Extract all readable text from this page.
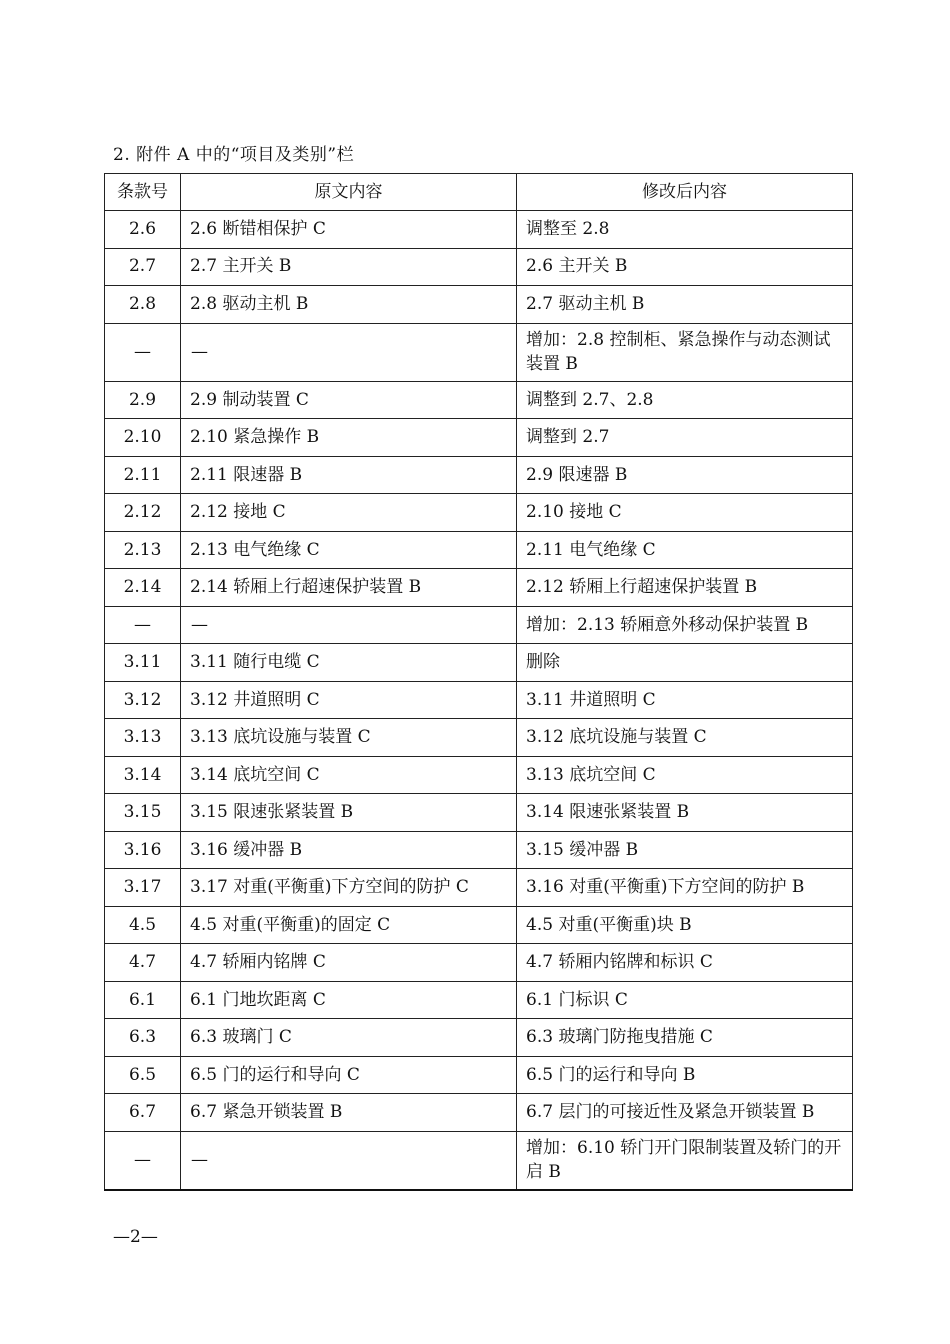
2. 附件 A 中的“项目及类别”栏
条款号	原文内容	修改后内容
2.6	2.6 断错相保护 C	调整至 2.8
2.7	2.7 主开关 B	2.6 主开关 B
2.8	2.8 驱动主机 B	2.7 驱动主机 B
—	—	增加：2.8 控制柜、紧急操作与动态测试装置 B
2.9	2.9 制动装置 C	调整到 2.7、2.8
2.10	2.10 紧急操作 B	调整到 2.7
2.11	2.11 限速器 B	2.9 限速器 B
2.12	2.12 接地 C	2.10 接地 C
2.13	2.13 电气绝缘 C	2.11 电气绝缘 C
2.14	2.14 轿厢上行超速保护装置 B	2.12 轿厢上行超速保护装置 B
—	—	增加：2.13 轿厢意外移动保护装置 B
3.11	3.11 随行电缆 C	删除
3.12	3.12 井道照明 C	3.11 井道照明 C
3.13	3.13 底坑设施与装置 C	3.12 底坑设施与装置 C
3.14	3.14 底坑空间 C	3.13 底坑空间 C
3.15	3.15 限速张紧装置 B	3.14 限速张紧装置 B
3.16	3.16 缓冲器 B	3.15 缓冲器 B
3.17	3.17 对重(平衡重)下方空间的防护 C	3.16 对重(平衡重)下方空间的防护 B
4.5	4.5 对重(平衡重)的固定 C	4.5 对重(平衡重)块 B
4.7	4.7 轿厢内铭牌 C	4.7 轿厢内铭牌和标识 C
6.1	6.1 门地坎距离 C	6.1 门标识 C
6.3	6.3 玻璃门 C	6.3 玻璃门防拖曳措施 C
6.5	6.5 门的运行和导向 C	6.5 门的运行和导向 B
6.7	6.7 紧急开锁装置 B	6.7 层门的可接近性及紧急开锁装置 B
—	—	增加：6.10 轿门开门限制装置及轿门的开启 B
—2—
